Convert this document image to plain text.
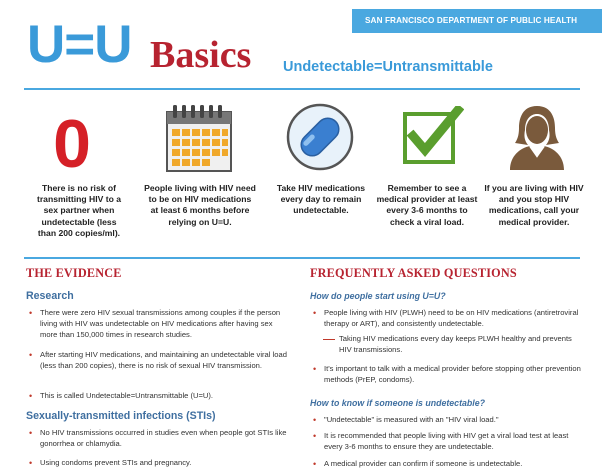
SAN FRANCISCO DEPARTMENT OF PUBLIC HEALTH
U=U Basics Undetectable=Untransmittable
0
There is no risk of transmitting HIV to a sex partner when undetectable (less than 200 copies/ml).
People living with HIV need to be on HIV medications at least 6 months before relying on U=U.
Take HIV medications every day to remain undetectable.
Remember to see a medical provider at least every 3-6 months to check a viral load.
If you are living with HIV and you stop HIV medications, call your medical provider.
THE EVIDENCE
Research
• There were zero HIV sexual transmissions among couples if the person living with HIV was undetectable on HIV medications after having sex more than 150,000 times in research studies.
• After starting HIV medications, and maintaining an undetectable viral load (less than 200 copies), there is no risk of sexual HIV transmission.
• This is called Undetectable=Untransmittable (U=U).
Sexually-transmitted infections (STIs)
• No HIV transmissions occurred in studies even when people got STIs like gonorrhea or chlamydia.
• Using condoms prevent STIs and pregnancy.
FREQUENTLY ASKED QUESTIONS
How do people start using U=U?
• People living with HIV (PLWH) need to be on HIV medications (antiretroviral therapy or ART), and consistently undetectable.
Taking HIV medications every day keeps PLWH healthy and prevents HIV transmissions.
• It's important to talk with a medical provider before stopping other prevention methods (PrEP, condoms).
How to know if someone is undetectable?
• "Undetectable" is measured with an "HIV viral load."
• It is recommended that people living with HIV get a viral load test at least every 3-6 months to ensure they are undetectable.
• A medical provider can confirm if someone is undetectable.
